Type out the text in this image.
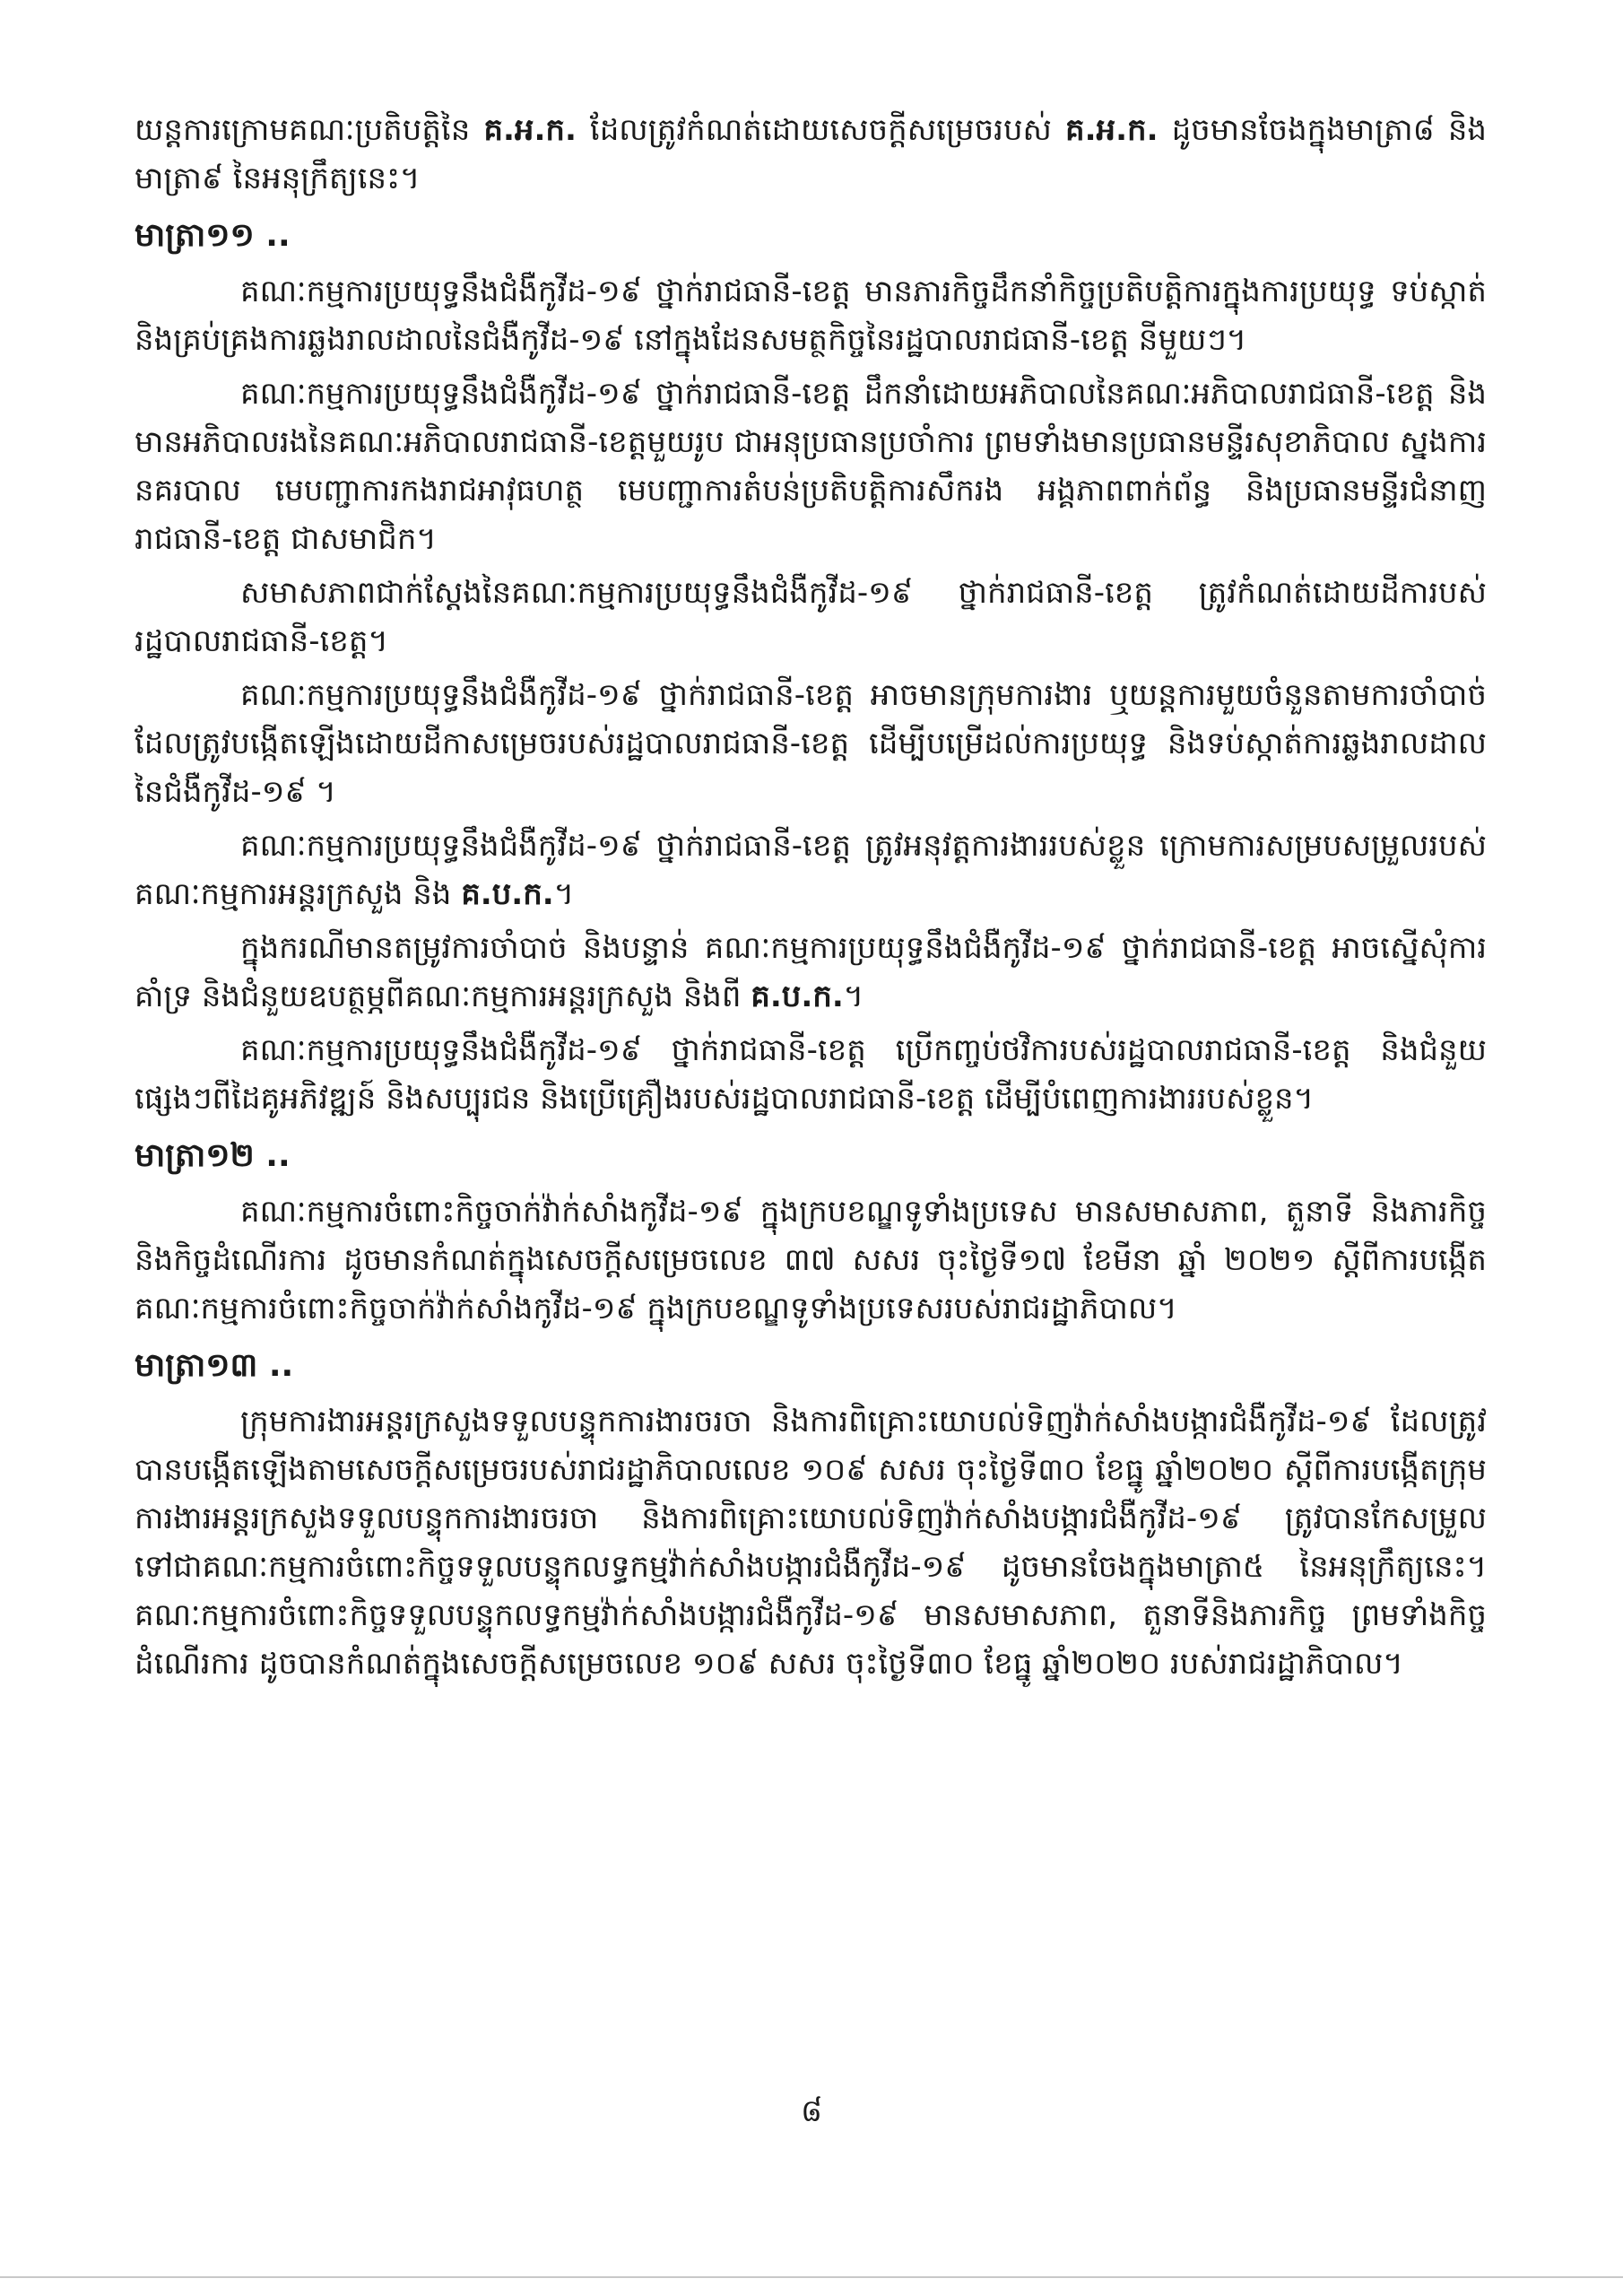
យន្តការក្រោមគណៈប្រតិបត្តិនៃ គ.អ.ក. ដែលត្រូវកំណត់ដោយសេចក្តីសម្រេចរបស់ គ.អ.ក. ដូចមានចែងក្នុងមាត្រា៨ និងមាត្រា៩ នៃអនុក្រឹត្យនេះ។

មាត្រា១១ ..

គណៈកម្មការប្រយុទ្ធនឹងជំងឺកូវីដ-១៩ ថ្នាក់រាជធានី-ខេត្ត មានភារកិច្ចដឹកនាំកិច្ចប្រតិបត្តិការក្នុងការប្រយុទ្ធ ទប់ស្កាត់ និងគ្រប់គ្រងការឆ្លងរាលដាលនៃជំងឺកូវីដ-១៩ នៅក្នុងដែនសមត្ថកិច្ចនៃរដ្ឋបាលរាជធានី-ខេត្ត នីមួយៗ។

គណៈកម្មការប្រយុទ្ធនឹងជំងឺកូវីដ-១៩ ថ្នាក់រាជធានី-ខេត្ត ដឹកនាំដោយអភិបាលនៃគណៈអភិបាលរាជធានី-ខេត្ត និងមានអភិបាលរងនៃគណៈអភិបាលរាជធានី-ខេត្តមួយរូប ជាអនុប្រធានប្រចាំការ ព្រមទាំងមានប្រធានមន្ទីរសុខាភិបាល ស្នងការនគរបាល មេបញ្ជាការកងរាជអាវុធហត្ថ មេបញ្ជាការតំបន់ប្រតិបត្តិការសឹករង អង្គភាពពាក់ព័ន្ធ និងប្រធានមន្ទីរជំនាញរាជធានី-ខេត្ត ជាសមាជិក។

សមាសភាពជាក់ស្តែងនៃគណៈកម្មការប្រយុទ្ធនឹងជំងឺកូវីដ-១៩ ថ្នាក់រាជធានី-ខេត្ត ត្រូវកំណត់ដោយដីការបស់រដ្ឋបាលរាជធានី-ខេត្ត។

គណៈកម្មការប្រយុទ្ធនឹងជំងឺកូវីដ-១៩ ថ្នាក់រាជធានី-ខេត្ត អាចមានក្រុមការងារ ឬយន្តការមួយចំនួនតាមការចាំបាច់ ដែលត្រូវបង្កើតឡើងដោយដីកាសម្រេចរបស់រដ្ឋបាលរាជធានី-ខេត្ត ដើម្បីបម្រើដល់ការប្រយុទ្ធ និងទប់ស្កាត់ការឆ្លងរាលដាលនៃជំងឺកូវីដ-១៩ ។

គណៈកម្មការប្រយុទ្ធនឹងជំងឺកូវីដ-១៩ ថ្នាក់រាជធានី-ខេត្ត ត្រូវអនុវត្តការងាររបស់ខ្លួន ក្រោមការសម្របសម្រួលរបស់គណៈកម្មការអន្តរក្រសួង និង គ.ប.ក.។

ក្នុងករណីមានតម្រូវការចាំបាច់ និងបន្ទាន់ គណៈកម្មការប្រយុទ្ធនឹងជំងឺកូវីដ-១៩ ថ្នាក់រាជធានី-ខេត្ត អាចស្នើសុំការគាំទ្រ និងជំនួយឧបត្ថម្ភពីគណៈកម្មការអន្តរក្រសួង និងពី គ.ប.ក.។

គណៈកម្មការប្រយុទ្ធនឹងជំងឺកូវីដ-១៩ ថ្នាក់រាជធានី-ខេត្ត ប្រើកញ្ចប់ថវិការបស់រដ្ឋបាលរាជធានី-ខេត្ត និងជំនួយផ្សេងៗពីដៃគូអភិវឌ្ឍន៍ និងសប្បុរជន និងប្រើគ្រឿងរបស់រដ្ឋបាលរាជធានី-ខេត្ត ដើម្បីបំពេញការងាររបស់ខ្លួន។

មាត្រា១២ ..

គណៈកម្មការចំពោះកិច្ចចាក់វ៉ាក់សាំងកូវីដ-១៩ ក្នុងក្របខណ្ឌទូទាំងប្រទេស មានសមាសភាព, តួនាទី និងភារកិច្ច និងកិច្ចដំណើរការ ដូចមានកំណត់ក្នុងសេចក្តីសម្រេចលេខ ៣៧ សសរ ចុះថ្ងៃទី១៧ ខែមីនា ឆ្នាំ ២០២១ ស្តីពីការបង្កើតគណៈកម្មការចំពោះកិច្ចចាក់វ៉ាក់សាំងកូវីដ-១៩ ក្នុងក្របខណ្ឌទូទាំងប្រទេសរបស់រាជរដ្ឋាភិបាល។

មាត្រា១៣ ..

ក្រុមការងារអន្តរក្រសួងទទួលបន្ទុកការងារចរចា និងការពិគ្រោះយោបល់ទិញវ៉ាក់សាំងបង្ការជំងឺកូវីដ-១៩ ដែលត្រូវបានបង្កើតឡើងតាមសេចក្តីសម្រេចរបស់រាជរដ្ឋាភិបាលលេខ ១០៩ សសរ ចុះថ្ងៃទី៣០ ខែធ្នូ ឆ្នាំ២០២០ ស្តីពីការបង្កើតក្រុមការងារអន្តរក្រសួងទទួលបន្ទុកការងារចរចា និងការពិគ្រោះយោបល់ទិញវ៉ាក់សាំងបង្ការជំងឺកូវីដ-១៩ ត្រូវបានកែសម្រួលទៅជាគណៈកម្មការចំពោះកិច្ចទទួលបន្ទុកលទ្ធកម្មវ៉ាក់សាំងបង្ការជំងឺកូវីដ-១៩ ដូចមានចែងក្នុងមាត្រា៥ នៃអនុក្រឹត្យនេះ។ គណៈកម្មការចំពោះកិច្ចទទួលបន្ទុកលទ្ធកម្មវ៉ាក់សាំងបង្ការជំងឺកូវីដ-១៩ មានសមាសភាព, តួនាទីនិងភារកិច្ច ព្រមទាំងកិច្ចដំណើរការ ដូចបានកំណត់ក្នុងសេចក្តីសម្រេចលេខ ១០៩ សសរ ចុះថ្ងៃទី៣០ ខែធ្នូ ឆ្នាំ២០២០ របស់រាជរដ្ឋាភិបាល។

៨
